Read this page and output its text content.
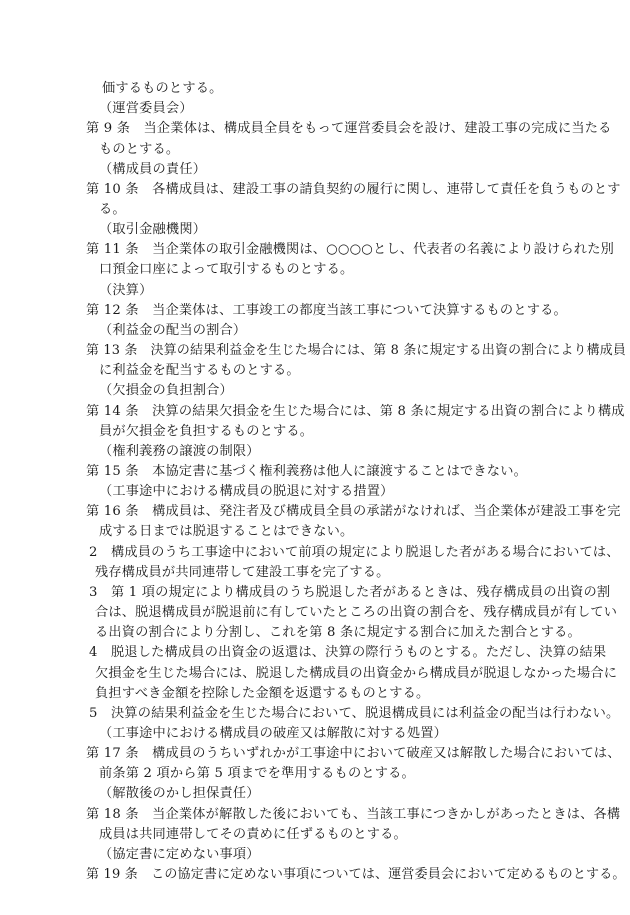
価するものとする。
（運営委員会）
第 9 条　当企業体は、構成員全員をもって運営委員会を設け、建設工事の完成に当たる
ものとする。
（構成員の責任）
第 10 条　各構成員は、建設工事の請負契約の履行に関し、連帯して責任を負うものとす
る。
（取引金融機関）
第 11 条　当企業体の取引金融機関は、○○○○とし、代表者の名義により設けられた別
口預金口座によって取引するものとする。
（決算）
第 12 条　当企業体は、工事竣工の都度当該工事について決算するものとする。
（利益金の配当の割合）
第 13 条　決算の結果利益金を生じた場合には、第 8 条に規定する出資の割合により構成員
に利益金を配当するものとする。
（欠損金の負担割合）
第 14 条　決算の結果欠損金を生じた場合には、第 8 条に規定する出資の割合により構成
員が欠損金を負担するものとする。
（権利義務の譲渡の制限）
第 15 条　本協定書に基づく権利義務は他人に譲渡することはできない。
（工事途中における構成員の脱退に対する措置）
第 16 条　構成員は、発注者及び構成員全員の承諾がなければ、当企業体が建設工事を完
成する日までは脱退することはできない。
2　構成員のうち工事途中において前項の規定により脱退した者がある場合においては、
残存構成員が共同連帯して建設工事を完了する。
3　第 1 項の規定により構成員のうち脱退した者があるときは、残存構成員の出資の割
合は、脱退構成員が脱退前に有していたところの出資の割合を、残存構成員が有してい
る出資の割合により分割し、これを第 8 条に規定する割合に加えた割合とする。
4　脱退した構成員の出資金の返還は、決算の際行うものとする。ただし、決算の結果
欠損金を生じた場合には、脱退した構成員の出資金から構成員が脱退しなかった場合に
負担すべき金額を控除した金額を返還するものとする。
5　決算の結果利益金を生じた場合において、脱退構成員には利益金の配当は行わない。
（工事途中における構成員の破産又は解散に対する処置）
第 17 条　構成員のうちいずれかが工事途中において破産又は解散した場合においては、
前条第 2 項から第 5 項までを準用するものとする。
（解散後のかし担保責任）
第 18 条　当企業体が解散した後においても、当該工事につきかしがあったときは、各構
成員は共同連帯してその責めに任ずるものとする。
（協定書に定めない事項）
第 19 条　この協定書に定めない事項については、運営委員会において定めるものとする。
